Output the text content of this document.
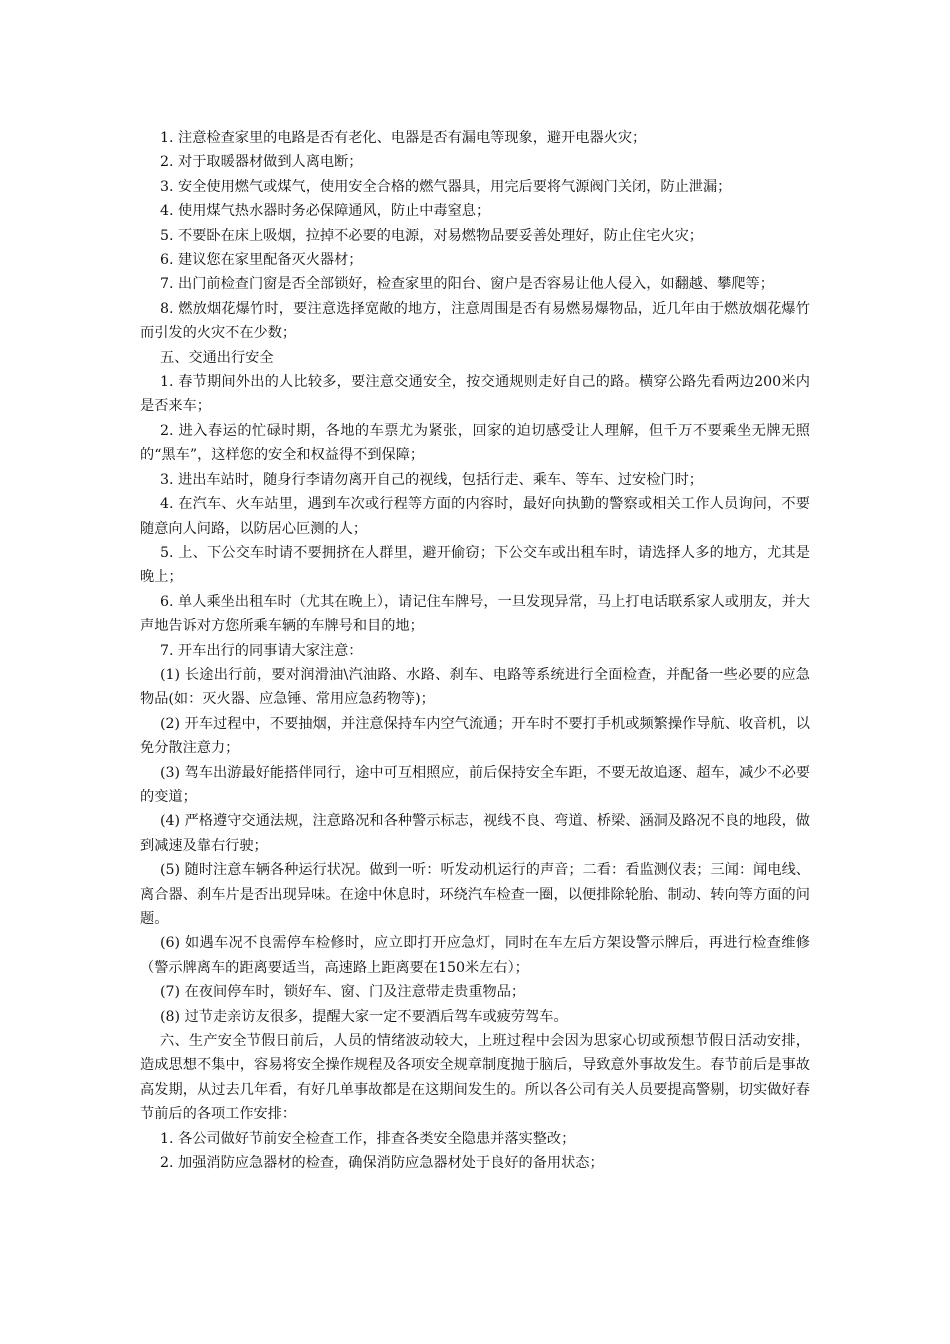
1. 注意检查家里的电路是否有老化、电器是否有漏电等现象，避开电器火灾；

2. 对于取暖器材做到人离电断；

3. 安全使用燃气或煤气，使用安全合格的燃气器具，用完后要将气源阀门关闭，防止泄漏；

4. 使用煤气热水器时务必保障通风，防止中毒窒息；

5. 不要卧在床上吸烟，拉掉不必要的电源，对易燃物品要妥善处理好，防止住宅火灾；

6. 建议您在家里配备灭火器材；

7. 出门前检查门窗是否全部锁好，检查家里的阳台、窗户是否容易让他人侵入，如翻越、攀爬等；

8. 燃放烟花爆竹时，要注意选择宽敞的地方，注意周围是否有易燃易爆物品，近几年由于燃放烟花爆竹而引发的火灾不在少数；

五、交通出行安全

1. 春节期间外出的人比较多，要注意交通安全，按交通规则走好自己的路。横穿公路先看两边200米内是否来车；

2. 进入春运的忙碌时期，各地的车票尤为紧张，回家的迫切感受让人理解，但千万不要乘坐无牌无照的“黑车”，这样您的安全和权益得不到保障；

3. 进出车站时，随身行李请勿离开自己的视线，包括行走、乘车、等车、过安检门时；

4. 在汽车、火车站里，遇到车次或行程等方面的内容时，最好向执勤的警察或相关工作人员询问，不要随意向人问路，以防居心叵测的人；

5. 上、下公交车时请不要拥挤在人群里，避开偷窃；下公交车或出租车时，请选择人多的地方，尤其是晚上；

6. 单人乘坐出租车时（尤其在晚上），请记住车牌号，一旦发现异常，马上打电话联系家人或朋友，并大声地告诉对方您所乘车辆的车牌号和目的地；

7. 开车出行的同事请大家注意：

(1) 长途出行前，要对润滑油\汽油路、水路、刹车、电路等系统进行全面检查，并配备一些必要的应急物品(如：灭火器、应急锤、常用应急药物等)；

(2) 开车过程中，不要抽烟，并注意保持车内空气流通；开车时不要打手机或频繁操作导航、收音机，以免分散注意力；

(3) 驾车出游最好能搭伴同行，途中可互相照应，前后保持安全车距，不要无故追逐、超车，减少不必要的变道；

(4) 严格遵守交通法规，注意路况和各种警示标志，视线不良、弯道、桥梁、涵洞及路况不良的地段，做到减速及靠右行驶；

(5) 随时注意车辆各种运行状况。做到一听：听发动机运行的声音；二看：看监测仪表；三闻：闻电线、离合器、刹车片是否出现异味。在途中休息时，环绕汽车检查一圈，以便排除轮胎、制动、转向等方面的问题。

(6) 如遇车况不良需停车检修时，应立即打开应急灯，同时在车左后方架设警示牌后，再进行检查维修（警示牌离车的距离要适当，高速路上距离要在150米左右）；

(7) 在夜间停车时，锁好车、窗、门及注意带走贵重物品；

(8) 过节走亲访友很多，提醒大家一定不要酒后驾车或疲劳驾车。

六、生产安全节假日前后，人员的情绪波动较大，上班过程中会因为思家心切或预想节假日活动安排，造成思想不集中，容易将安全操作规程及各项安全规章制度抛于脑后，导致意外事故发生。春节前后是事故高发期，从过去几年看，有好几单事故都是在这期间发生的。所以各公司有关人员要提高警剔，切实做好春节前后的各项工作安排：

1. 各公司做好节前安全检查工作，排查各类安全隐患并落实整改；

2. 加强消防应急器材的检查，确保消防应急器材处于良好的备用状态；
